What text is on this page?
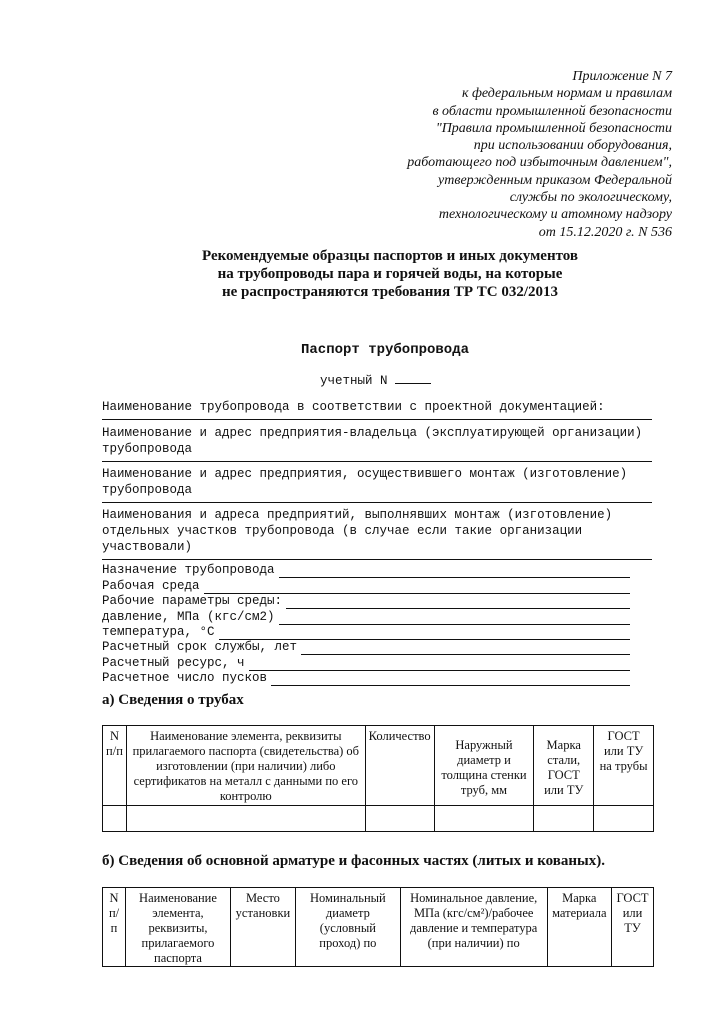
Приложение N 7
к федеральным нормам и правилам
в области промышленной безопасности
"Правила промышленной безопасности
при использовании оборудования,
работающего под избыточным давлением",
утвержденным приказом Федеральной
службы по экологическому,
технологическому и атомному надзору
от 15.12.2020 г. N 536
Рекомендуемые образцы паспортов и иных документов
на трубопроводы пара и горячей воды, на которые
не распространяются требования ТР ТС 032/2013
Паспорт трубопровода
учетный N
Наименование трубопровода в соответствии с проектной документацией:
Наименование и адрес предприятия-владельца (эксплуатирующей организации)
трубопровода
Наименование и адрес предприятия, осуществившего монтаж (изготовление)
трубопровода
Наименования и адреса предприятий, выполнявших монтаж (изготовление)
отдельных участков трубопровода (в случае если такие организации
участвовали)
Назначение трубопровода
Рабочая среда
Рабочие параметры среды:
давление, МПа (кгс/см2)
температура, °С
Расчетный срок службы, лет
Расчетный ресурс, ч
Расчетное число пусков
а) Сведения о трубах
N п/п	Наименование элемента, реквизиты прилагаемого паспорта (свидетельства) об изготовлении (при наличии) либо сертификатов на металл с данными по его контролю	Количество	Наружный диаметр и толщина стенки труб, мм	Марка стали, ГОСТ или ТУ	ГОСТ или ТУ на трубы

б) Сведения об основной арматуре и фасонных частях (литых и кованых).
N п/п	Наименование элемента, реквизиты, прилагаемого паспорта	Место установки	Номинальный диаметр (условный проход) по	Номинальное давление, МПа (кгс/см²)/рабочее давление и температура (при наличии) по	Марка материала	ГОСТ или ТУ
